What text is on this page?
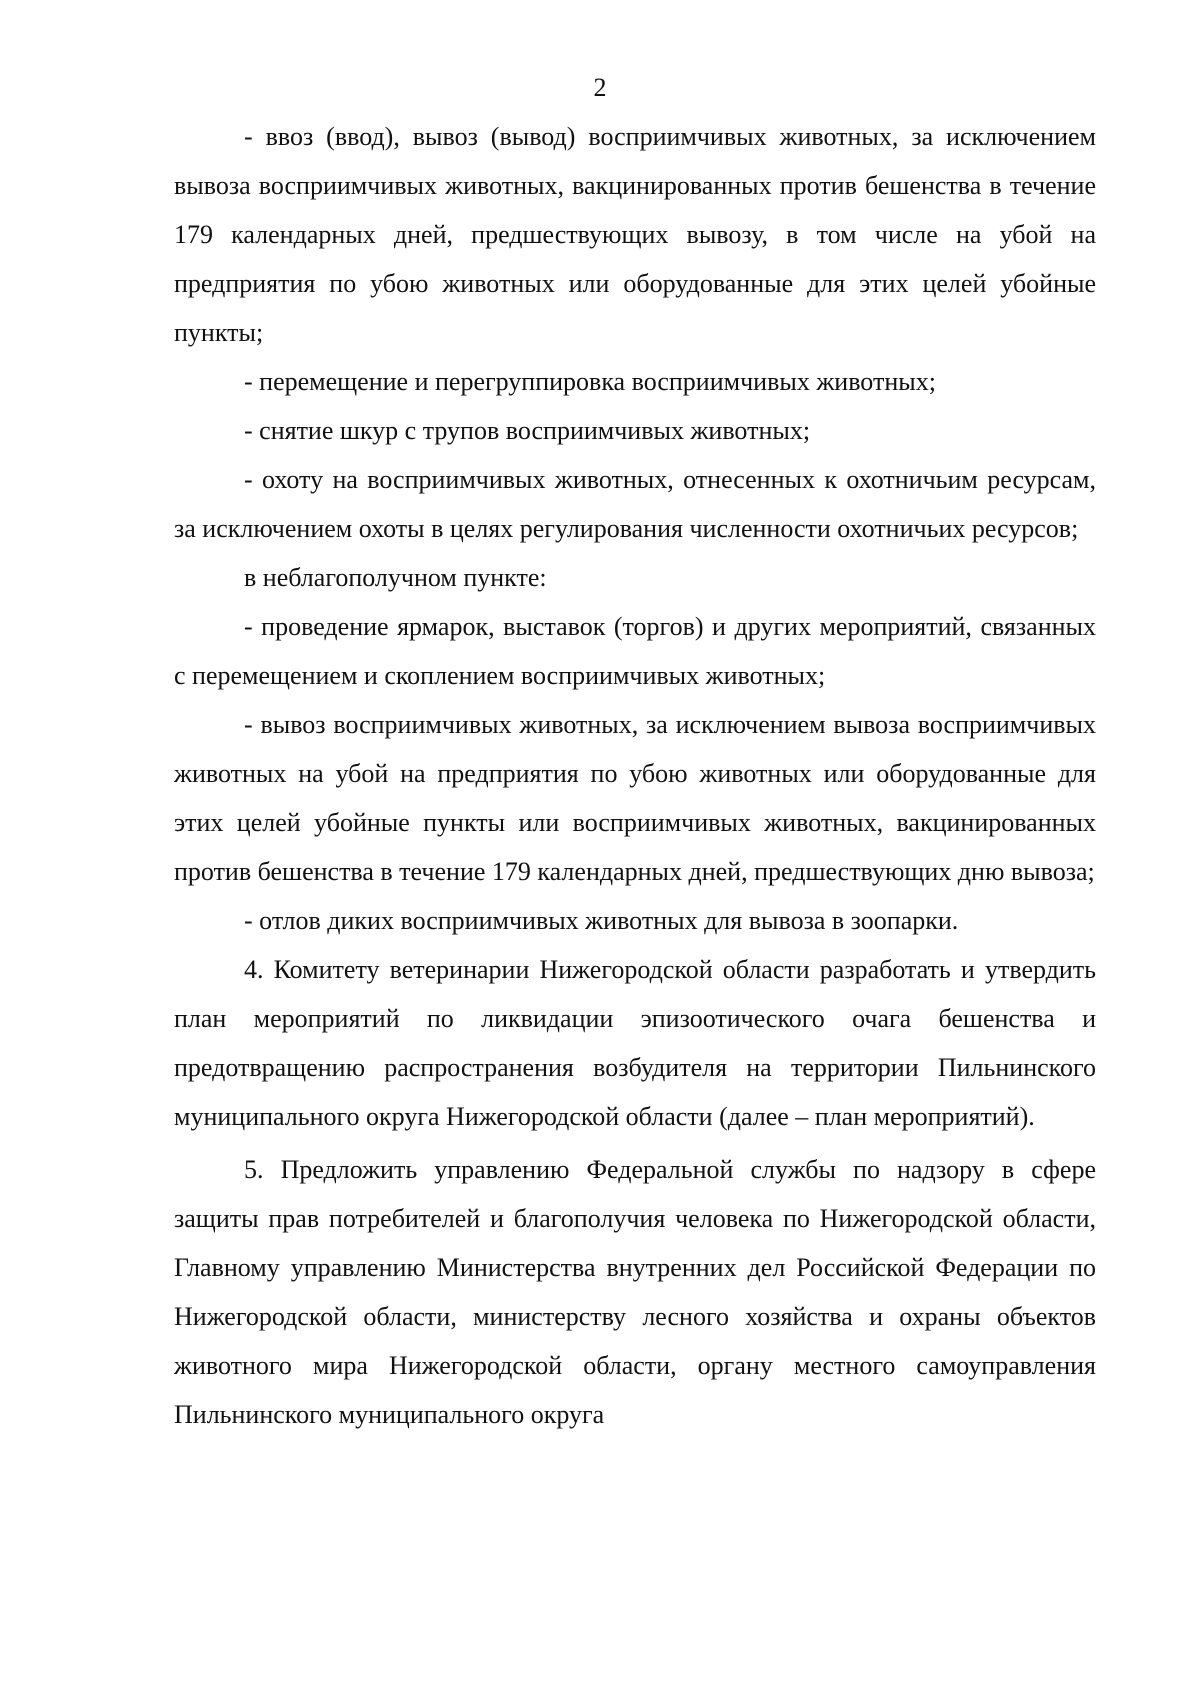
2

- ввоз (ввод), вывоз (вывод) восприимчивых животных, за исключением вывоза восприимчивых животных, вакцинированных против бешенства в течение 179 календарных дней, предшествующих вывозу, в том числе на убой на предприятия по убою животных или оборудованные для этих целей убойные пункты;

- перемещение и перегруппировка восприимчивых животных;

- снятие шкур с трупов восприимчивых животных;

- охоту на восприимчивых животных, отнесенных к охотничьим ресурсам, за исключением охоты в целях регулирования численности охотничьих ресурсов;

в неблагополучном пункте:

- проведение ярмарок, выставок (торгов) и других мероприятий, связанных с перемещением и скоплением восприимчивых животных;

- вывоз восприимчивых животных, за исключением вывоза восприимчивых животных на убой на предприятия по убою животных или оборудованные для этих целей убойные пункты или восприимчивых животных, вакцинированных против бешенства в течение 179 календарных дней, предшествующих дню вывоза;

- отлов диких восприимчивых животных для вывоза в зоопарки.

4. Комитету ветеринарии Нижегородской области разработать и утвердить план мероприятий по ликвидации эпизоотического очага бешенства и предотвращению распространения возбудителя на территории Пильнинского муниципального округа Нижегородской области (далее – план мероприятий).

5. Предложить управлению Федеральной службы по надзору в сфере защиты прав потребителей и благополучия человека по Нижегородской области, Главному управлению Министерства внутренних дел Российской Федерации по Нижегородской области, министерству лесного хозяйства и охраны объектов животного мира Нижегородской области, органу местного самоуправления Пильнинского муниципального округа
